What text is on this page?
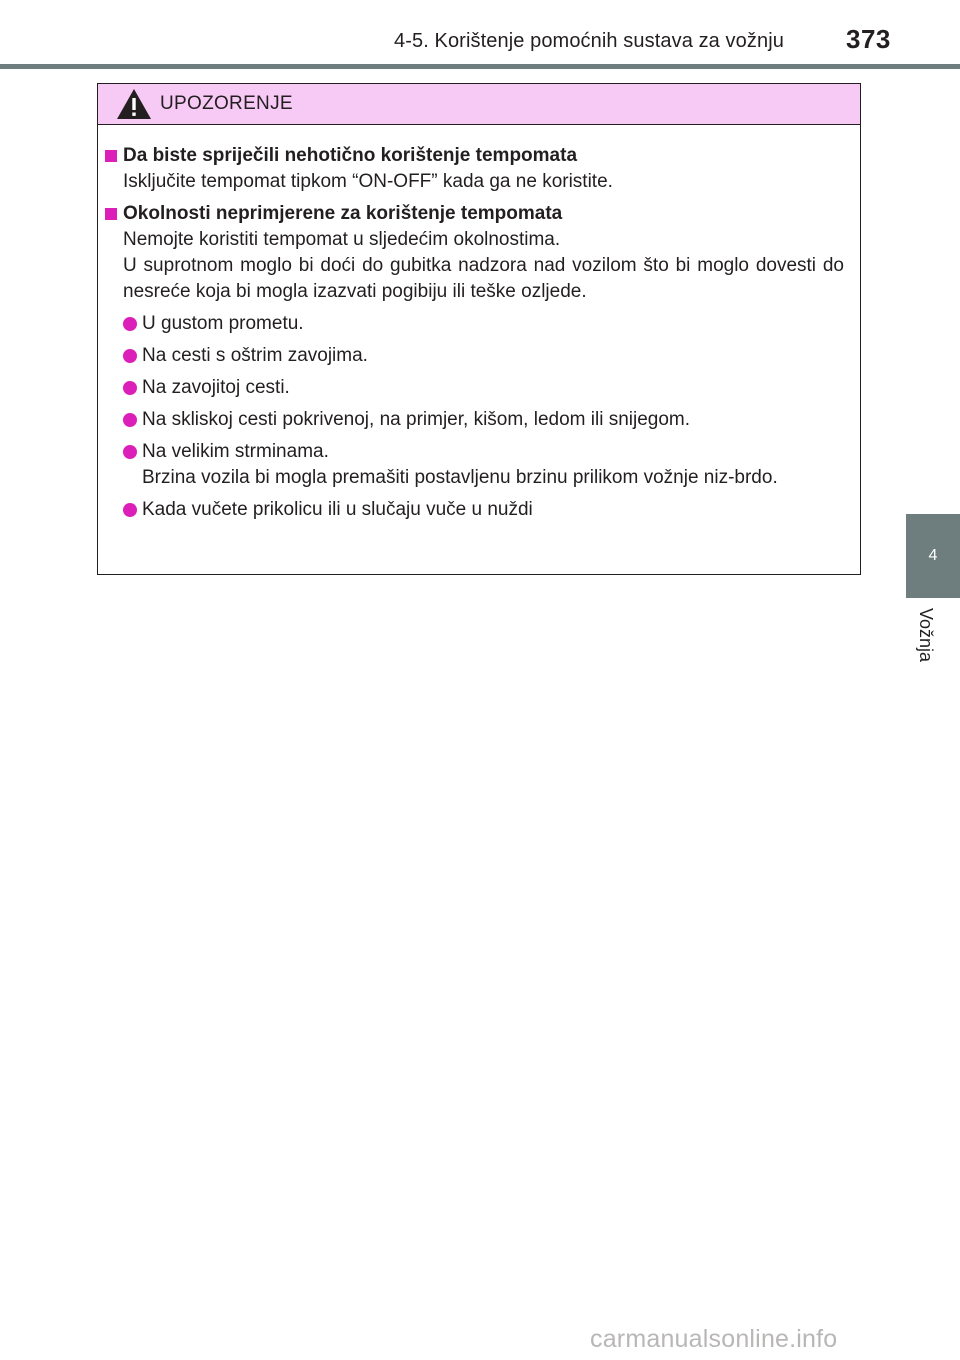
4-5. Korištenje pomoćnih sustava za vožnju 373
4
Vožnja
UPOZORENJE
Da biste spriječili nehotično korištenje tempomata
Isključite tempomat tipkom “ON-OFF” kada ga ne koristite.
Okolnosti neprimjerene za korištenje tempomata
Nemojte koristiti tempomat u sljedećim okolnostima.
U suprotnom moglo bi doći do gubitka nadzora nad vozilom što bi moglo dovesti do nesreće koja bi mogla izazvati pogibiju ili teške ozljede.
U gustom prometu.
Na cesti s oštrim zavojima.
Na zavojitoj cesti.
Na skliskoj cesti pokrivenoj, na primjer, kišom, ledom ili snijegom.
Na velikim strminama.
Brzina vozila bi mogla premašiti postavljenu brzinu prilikom vožnje niz-brdo.
Kada vučete prikolicu ili u slučaju vuče u nuždi
carmanualsonline.info
